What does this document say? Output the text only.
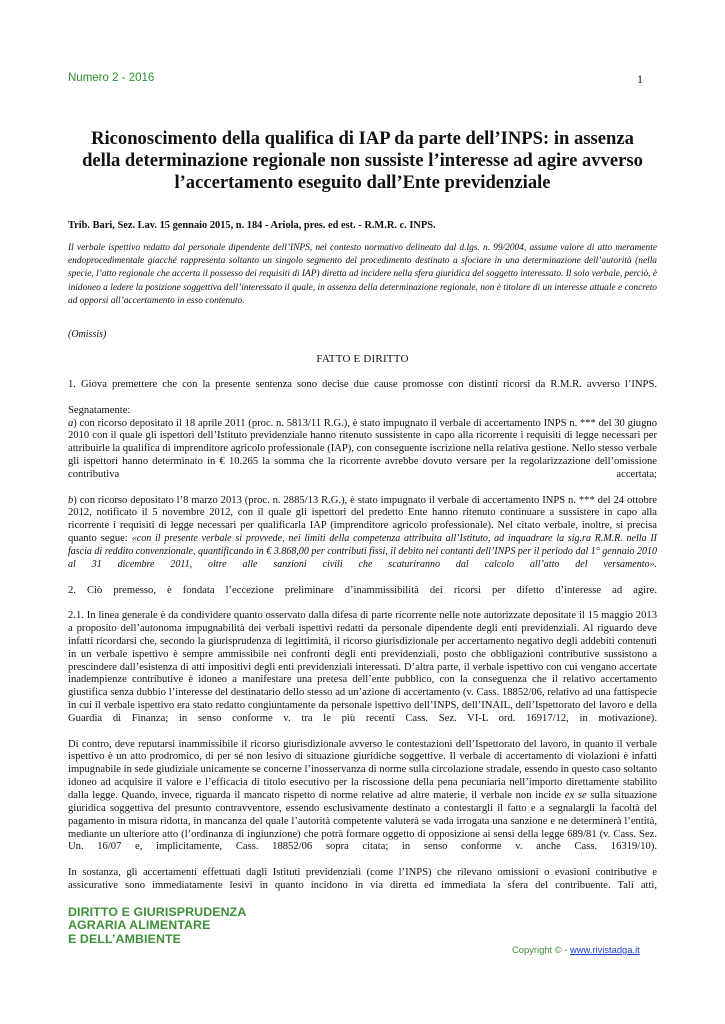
Numero 2 - 2016	1
Riconoscimento della qualifica di IAP da parte dell’INPS: in assenza
della determinazione regionale non sussiste l’interesse ad agire avverso
l’accertamento eseguito dall’Ente previdenziale
Trib. Bari, Sez. Lav. 15 gennaio 2015, n. 184 - Ariola, pres. ed est. - R.M.R. c. INPS.
Il verbale ispettivo redatto dal personale dipendente dell’INPS, nel contesto normativo delineato dal d.lgs. n. 99/2004, assume valore di atto meramente endoprocedimentale giacché rappresenta soltanto un singolo segmento del procedimento destinato a sfociare in una determinazione dell’autorità (nella specie, l’atto regionale che accerta il possesso dei requisiti di IAP) diretta ad incidere nella sfera giuridica del soggetto interessato. Il solo verbale, perciò, è inidoneo a ledere la posizione soggettiva dell’interessato il quale, in assenza della determinazione regionale, non è titolare di un interesse attuale e concreto ad opporsi all’accertamento in esso contenuto.
(Omissis)
FATTO E DIRITTO

1. Giova premettere che con la presente sentenza sono decise due cause promosse con distinti ricorsi da R.M.R. avverso l’INPS.

Segnatamente:

a) con ricorso depositato il 18 aprile 2011 (proc. n. 5813/11 R.G.), è stato impugnato il verbale di accertamento INPS n. *** del 30 giugno 2010 con il quale gli ispettori dell’Istituto previdenziale hanno ritenuto sussistente in capo alla ricorrente i requisiti di legge necessari per attribuirle la qualifica di imprenditore agricolo professionale (IAP), con conseguente iscrizione nella relativa gestione. Nello stesso verbale gli ispettori hanno determinato in € 10.265 la somma che la ricorrente avrebbe dovuto versare per la regolarizzazione dell’omissione contributiva accertata;

b) con ricorso depositato l’8 marzo 2013 (proc. n. 2885/13 R.G.), è stato impugnato il verbale di accertamento INPS n. *** del 24 ottobre 2012, notificato il 5 novembre 2012, con il quale gli ispettori del predetto Ente hanno ritenuto continuare a sussistere in capo alla ricorrente i requisiti di legge necessari per qualificarla IAP (imprenditore agricolo professionale). Nel citato verbale, inoltre, si precisa quanto segue: «con il presente verbale si provvede, nei limiti della competenza attribuita all’Istituto, ad inquadrare la sig.ra R.M.R. nella II fascia di reddito convenzionale, quantificando in € 3.868,00 per contributi fissi, il debito nei contanti dell’INPS per il periodo dal 1° gennaio 2010 al 31 dicembre 2011, oltre alle sanzioni civili che scaturiranno dal calcolo all’atto del versamento».

2. Ciò premesso, è fondata l’eccezione preliminare d’inammissibilità dei ricorsi per difetto d’interesse ad agire.

2.1. In linea generale è da condividere quanto osservato dalla difesa di parte ricorrente nelle note autorizzate depositate il 15 maggio 2013 a proposito dell’autonoma impugnabilità dei verbali ispettivi redatti da personale dipendente degli enti previdenziali. Al riguardo deve infatti ricordarsi che, secondo la giurisprudenza di legittimità, il ricorso giurisdizionale per accertamento negativo degli addebiti contenuti in un verbale ispettivo è sempre ammissibile nei confronti degli enti previdenziali, posto che obbligazioni contributive sussistono a prescindere dall’esistenza di atti impositivi degli enti previdenziali interessati. D’altra parte, il verbale ispettivo con cui vengano accertate inadempienze contributive è idoneo a manifestare una pretesa dell’ente pubblico, con la conseguenza che il relativo accertamento giustifica senza dubbio l’interesse del destinatario dello stesso ad un’azione di accertamento (v. Cass. 18852/06, relativo ad una fattispecie in cui il verbale ispettivo era stato redatto congiuntamente da personale ispettivo dell’INPS, dell’INAIL, dell’Ispettorato del lavoro e della Guardia di Finanza; in senso conforme v. tra le più recenti Cass. Sez. VI-L ord. 16917/12, in motivazione).

Di contro, deve reputarsi inammissibile il ricorso giurisdizionale avverso le contestazioni dell’Ispettorato del lavoro, in quanto il verbale ispettivo è un atto prodromico, di per sé non lesivo di situazione giuridiche soggettive. Il verbale di accertamento di violazioni è infatti impugnabile in sede giudiziale unicamente se concerne l’inosservanza di norme sulla circolazione stradale, essendo in questo caso soltanto idoneo ad acquisire il valore e l’efficacia di titolo esecutivo per la riscossione della pena pecuniaria nell’importo direttamente stabilito dalla legge. Quando, invece, riguarda il mancato rispetto di norme relative ad altre materie, il verbale non incide ex se sulla situazione giuridica soggettiva del presunto contravventore, essendo esclusivamente destinato a contestargli il fatto e a segnalargli la facoltà del pagamento in misura ridotta, in mancanza del quale l’autorità competente valuterà se vada irrogata una sanzione e ne determinerà l’entità, mediante un ulteriore atto (l’ordinanza di ingiunzione) che potrà formare oggetto di opposizione ai sensi della legge 689/81 (v. Cass. Sez. Un. 16/07 e, implicitamente, Cass. 18852/06 sopra citata; in senso conforme v. anche Cass. 16319/10).

In sostanza, gli accertamenti effettuati dagli Istituti previdenziali (come l’INPS) che rilevano omissioni o evasioni contributive e assicurative sono immediatamente lesivi in quanto incidono in via diretta ed immediata la sfera del contribuente. Tali atti,

DIRITTO E GIURISPRUDENZA
AGRARIA ALIMENTARE
E DELL’AMBIENTE
Copyright © - www.rivistadga.it
